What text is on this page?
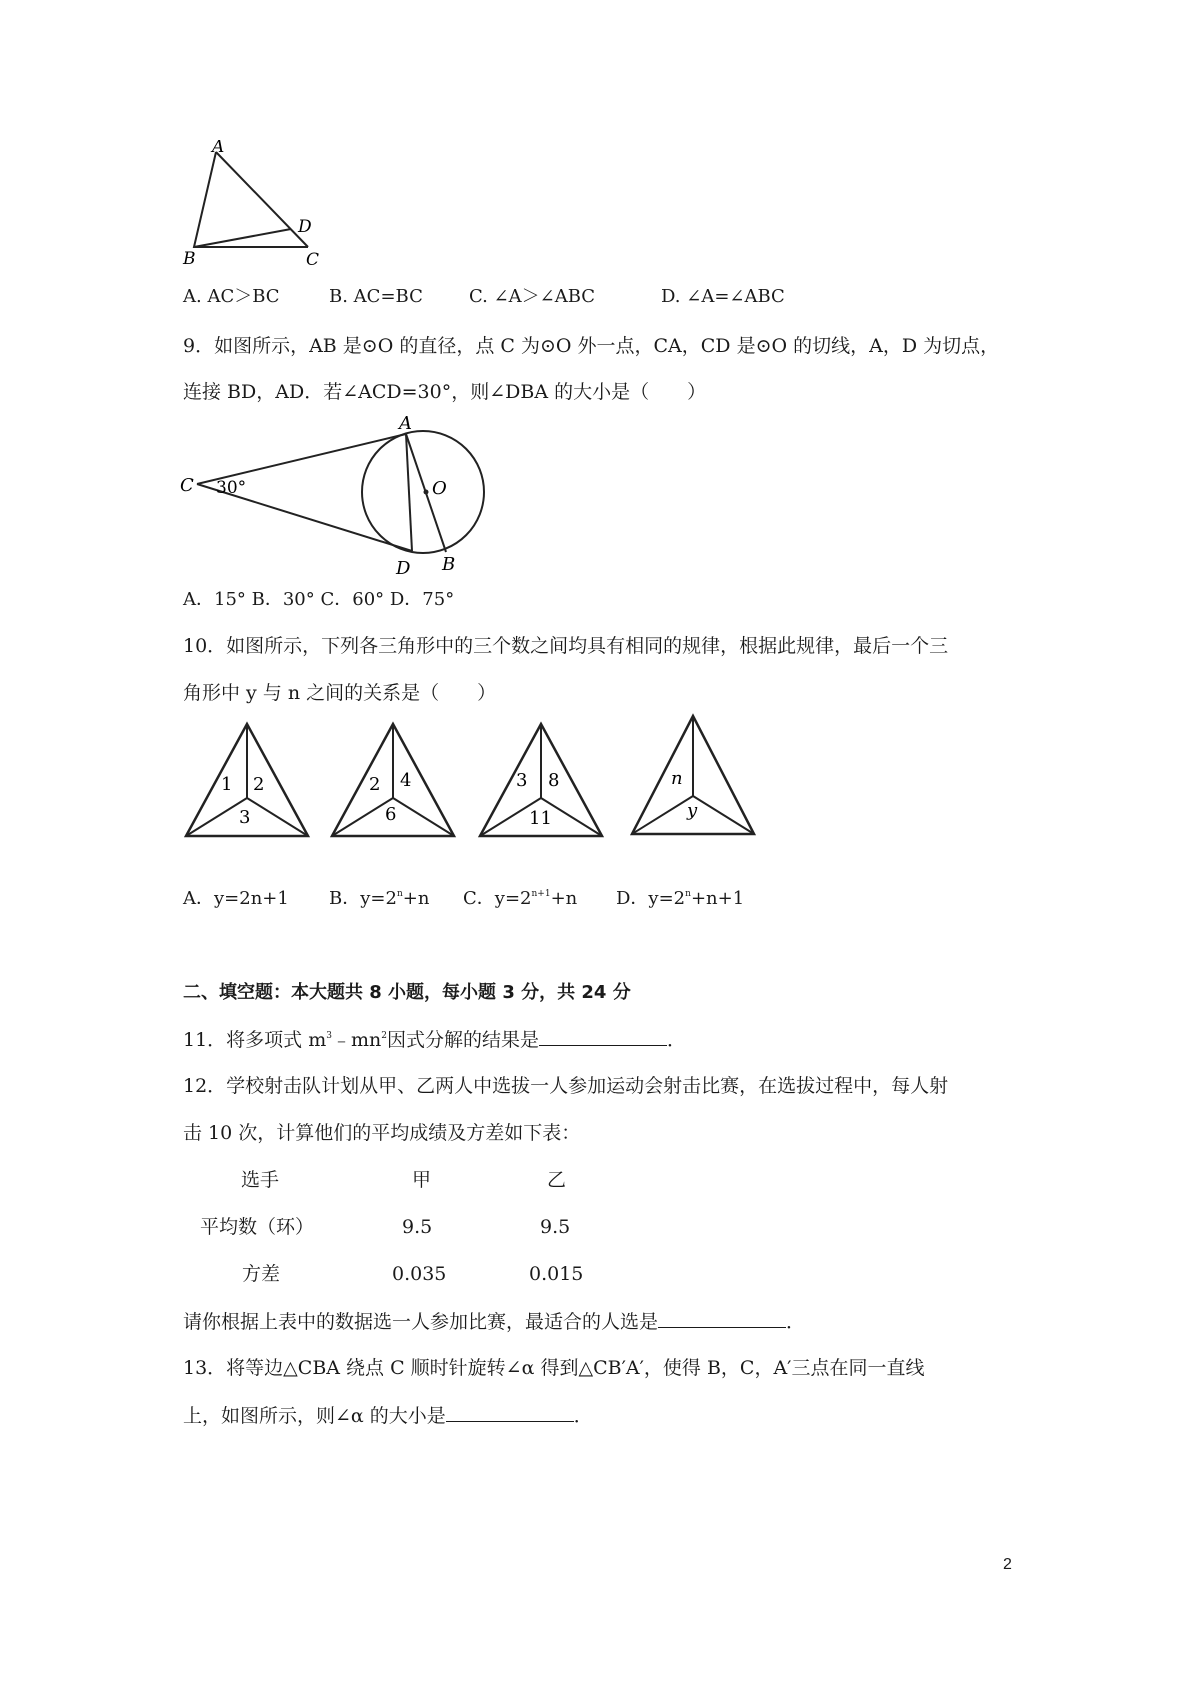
A
B	C
D
A. AC＞BC	B. AC=BC	C. ∠A＞∠ABC	D. ∠A=∠ABC
9．如图所示，AB 是⊙O 的直径，点 C 为⊙O 外一点，CA，CD 是⊙O 的切线，A，D 为切点，
连接 BD，AD．若∠ACD=30°，则∠DBA 的大小是（　　）
A
C	O
D B
30°
A．15° B．30° C．60° D．75°
10．如图所示，下列各三角形中的三个数之间均具有相同的规律，根据此规律，最后一个三
角形中 y 与 n 之间的关系是（　　）
1 2
3
2 4
6
3 8
11
n
y
A．y=2n+1 B．$y=2^n+n$ C．$y=2^{n+1}+n$ D．$y=2^n+n+1$
二、填空题：本大题共 8 小题，每小题 3 分，共 24 分
11．将多项式 $m^3﹣mn^2$因式分解的结果是	．
12．学校射击队计划从甲、乙两人中选拔一人参加运动会射击比赛，在选拔过程中，每人射
击 10 次，计算他们的平均成绩及方差如下表：
选手	甲	乙
平均数（环）	9.5	9.5
方差	0.035	0.015
请你根据上表中的数据选一人参加比赛，最适合的人选是	．
13．将等边△CBA 绕点 C 顺时针旋转∠α 得到△CB′A′，使得 B，C，A′三点在同一直线
上，如图所示，则∠α 的大小是	．
2
